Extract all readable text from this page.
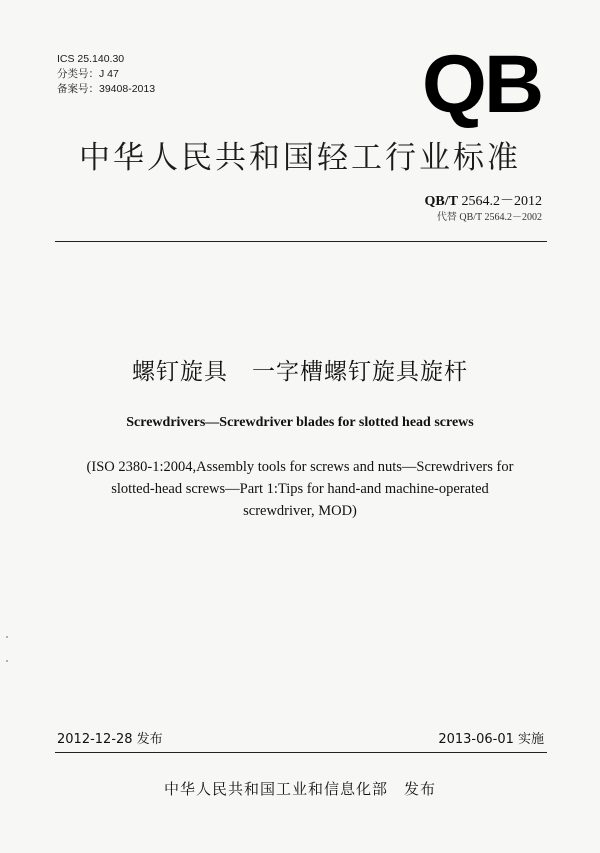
ICS 25.140.30
分类号：J 47
备案号：39408-2013	QB
中华人民共和国轻工行业标准
QB/T 2564.2－2012
代替 QB/T 2564.2－2002
螺钉旋具　一字槽螺钉旋具旋杆
Screwdrivers—Screwdriver blades for slotted head screws
(ISO 2380-1:2004,Assembly tools for screws and nuts—Screwdrivers for
slotted-head screws—Part 1:Tips for hand-and machine-operated
screwdriver, MOD)
2012-12-28 发布	2013-06-01 实施
中华人民共和国工业和信息化部　发布
